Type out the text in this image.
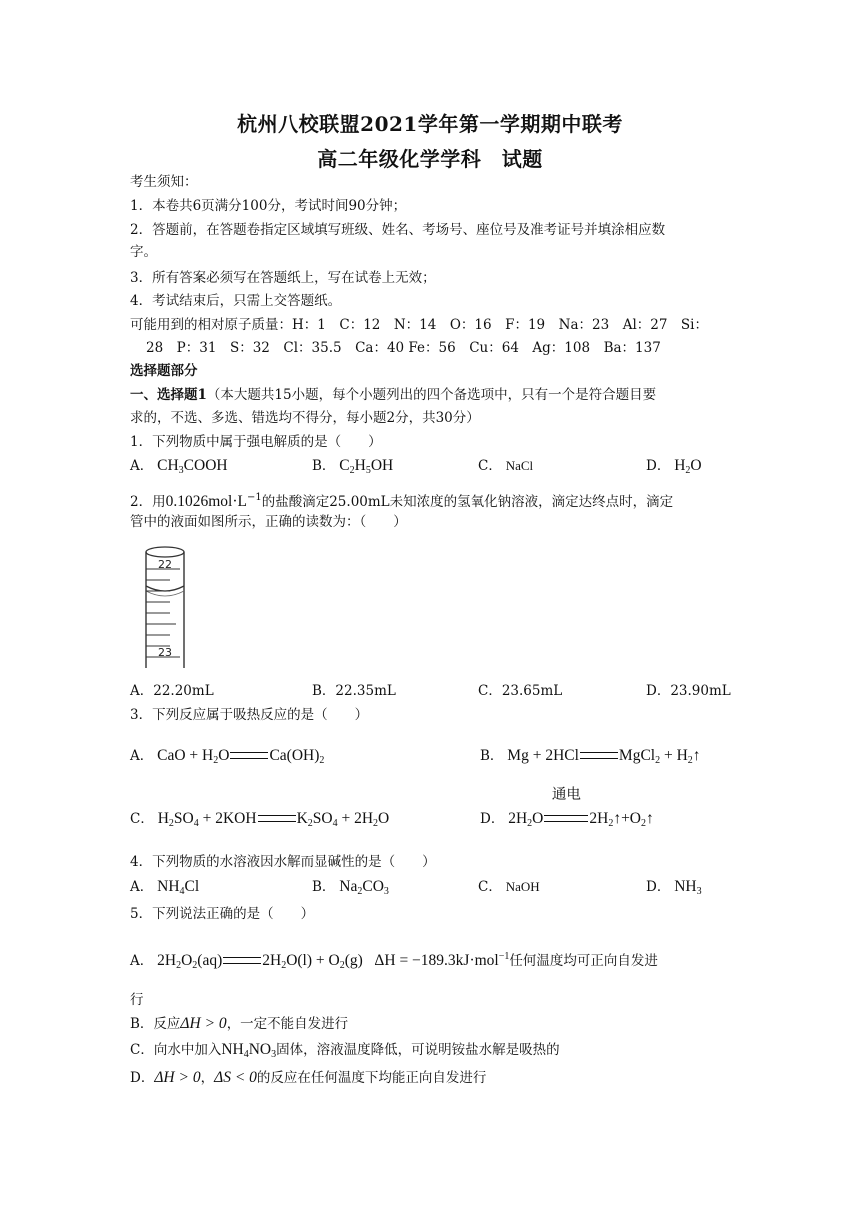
杭州八校联盟2021学年第一学期期中联考
高二年级化学学科　试题
考生须知：
1．本卷共6页满分100分，考试时间90分钟；
2．答题前，在答题卷指定区域填写班级、姓名、考场号、座位号及准考证号并填涂相应数
字。
3．所有答案必须写在答题纸上，写在试卷上无效；
4．考试结束后，只需上交答题纸。
可能用到的相对原子质量：H：1　C：12　N：14　O：16　F：19　Na：23　Al：27　Si：
28　P：31　S：32　Cl：35.5　Ca：40 Fe：56　Cu：64　Ag：108　Ba：137
选择题部分
一、选择题1（本大题共15小题，每个小题列出的四个备选项中，只有一个是符合题目要
求的，不选、多选、错选均不得分，每小题2分，共30分）
1．下列物质中属于强电解质的是（　　）
A． $CH_3COOH$	B． $C_2H_5OH$	C． NaCl	D． $H_2O$
2．用$0.1026mol\cdot L^{-1}$的盐酸滴定25.00mL未知浓度的氢氧化钠溶液，滴定达终点时，滴定
管中的液面如图所示，正确的读数为：（　　）
22
23
A．22.20mL	B．22.35mL	C．23.65mL	D．23.90mL
3．下列反应属于吸热反应的是（　　）
A． CaO + $H_2O$	$Ca(OH)_2$	B． Mg + 2HCl	MgCl$_2$ + $H_2↑$
C． $H_2SO_4 + 2KOH$	$K_2SO_4 + 2H_2O$	D． $2H_2O$
通电
$2H_2↑+O_2↑$
4．下列物质的水溶液因水解而显碱性的是（　　）
A． $NH_4Cl$	B． $Na_2CO_3$	C． NaOH	D． $NH_3$
5．下列说法正确的是（　　）
A． $2H_2O_2(aq)$	$2H_2O(l) + O_2(g) \Delta H = -189.3kJ\cdot mol^{-1}$任何温度均可正向自发进
行
B．反应ΔH > 0，一定不能自发进行
C．向水中加入$NH_4NO_3$固体，溶液温度降低，可说明铵盐水解是吸热的
D．ΔH > 0，ΔS < 0的反应在任何温度下均能正向自发进行
